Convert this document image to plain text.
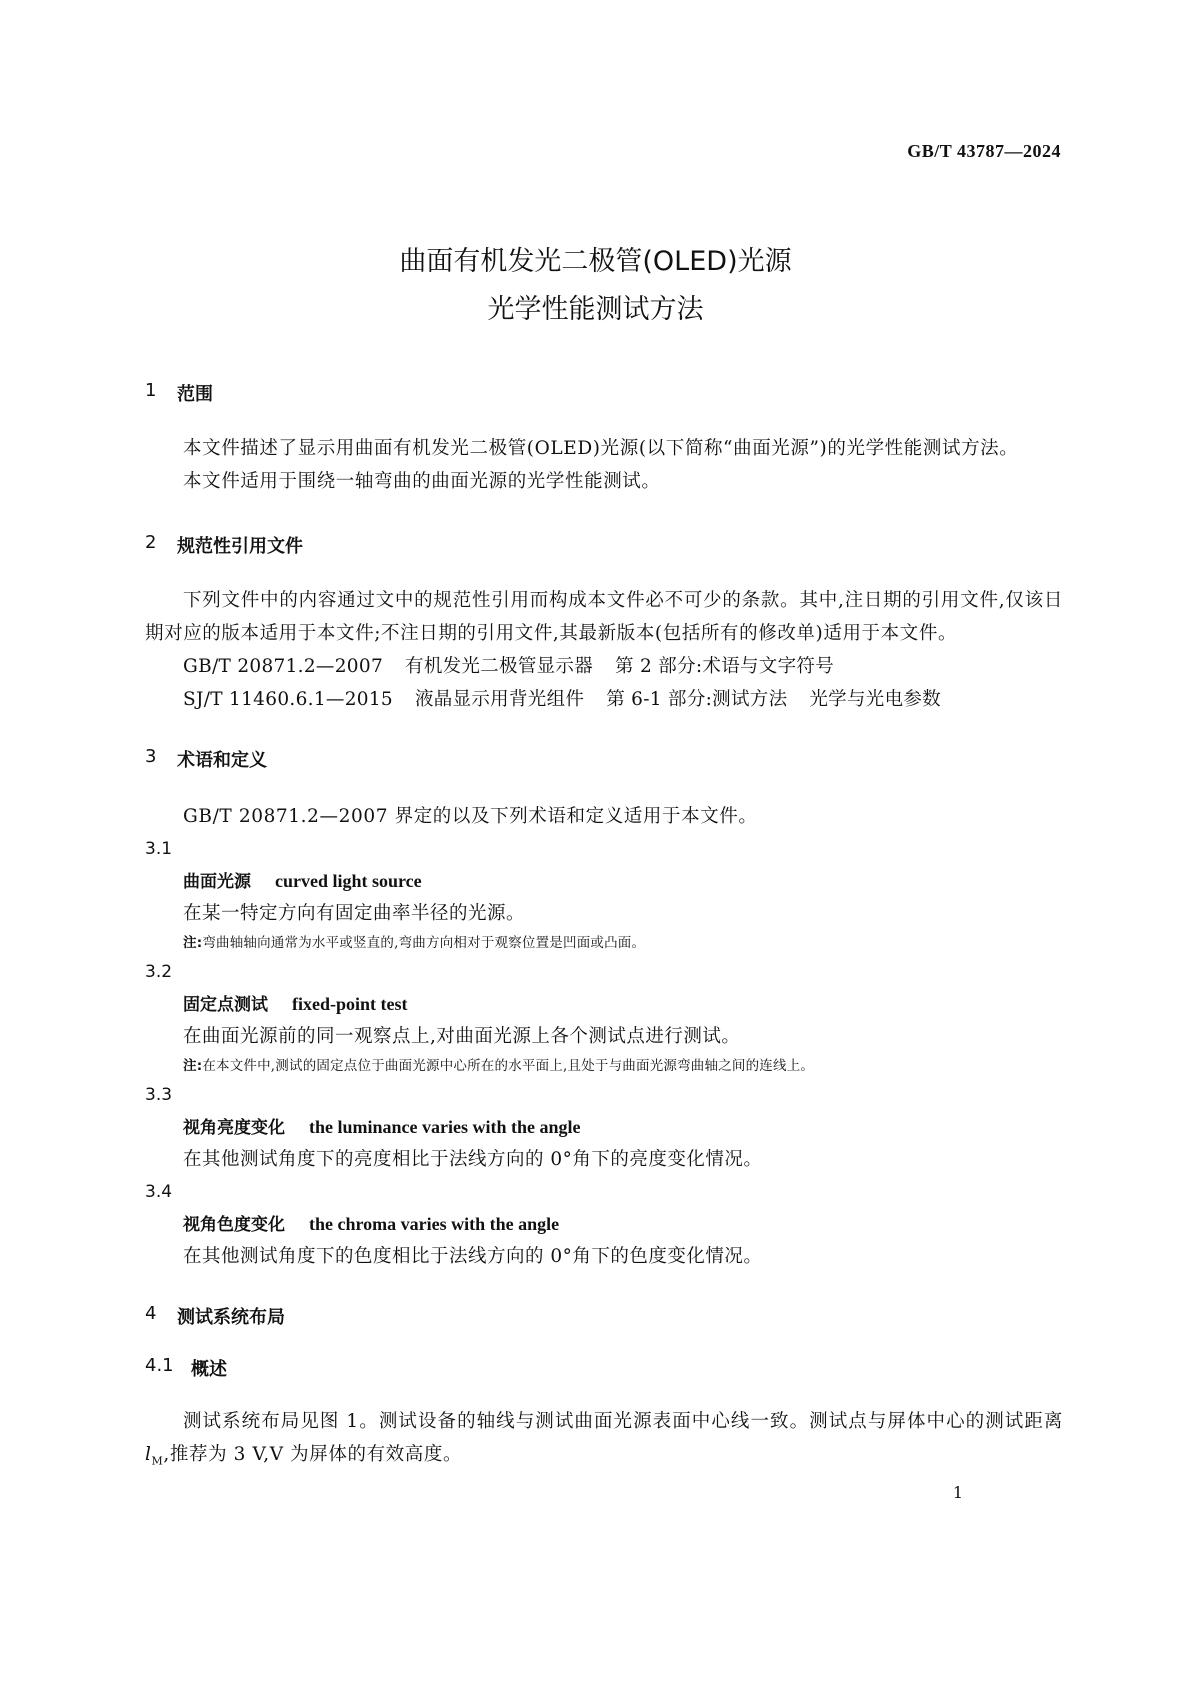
GB/T 43787—2024
曲面有机发光二极管(OLED)光源
光学性能测试方法
1	范围

本文件描述了显示用曲面有机发光二极管(OLED)光源(以下简称“曲面光源”)的光学性能测试方法。

本文件适用于围绕一轴弯曲的曲面光源的光学性能测试。

2	规范性引用文件

下列文件中的内容通过文中的规范性引用而构成本文件必不可少的条款。其中,注日期的引用文件,仅该日期对应的版本适用于本文件;不注日期的引用文件,其最新版本(包括所有的修改单)适用于本文件。

GB/T 20871.2—2007 有机发光二极管显示器 第 2 部分:术语与文字符号

SJ/T 11460.6.1—2015 液晶显示用背光组件 第 6-1 部分:测试方法 光学与光电参数

3	术语和定义

GB/T 20871.2—2007 界定的以及下列术语和定义适用于本文件。

3.1

曲面光源 curved light source

在某一特定方向有固定曲率半径的光源。

注:弯曲轴轴向通常为水平或竖直的,弯曲方向相对于观察位置是凹面或凸面。

3.2

固定点测试 fixed-point test

在曲面光源前的同一观察点上,对曲面光源上各个测试点进行测试。

注:在本文件中,测试的固定点位于曲面光源中心所在的水平面上,且处于与曲面光源弯曲轴之间的连线上。

3.3

视角亮度变化 the luminance varies with the angle

在其他测试角度下的亮度相比于法线方向的 0°角下的亮度变化情况。

3.4

视角色度变化 the chroma varies with the angle

在其他测试角度下的色度相比于法线方向的 0°角下的色度变化情况。

4	测试系统布局
4.1 概述

测试系统布局见图 1。测试设备的轴线与测试曲面光源表面中心线一致。测试点与屏体中心的测试距离 $l_M$,推荐为 3 V,V 为屏体的有效高度。

1
